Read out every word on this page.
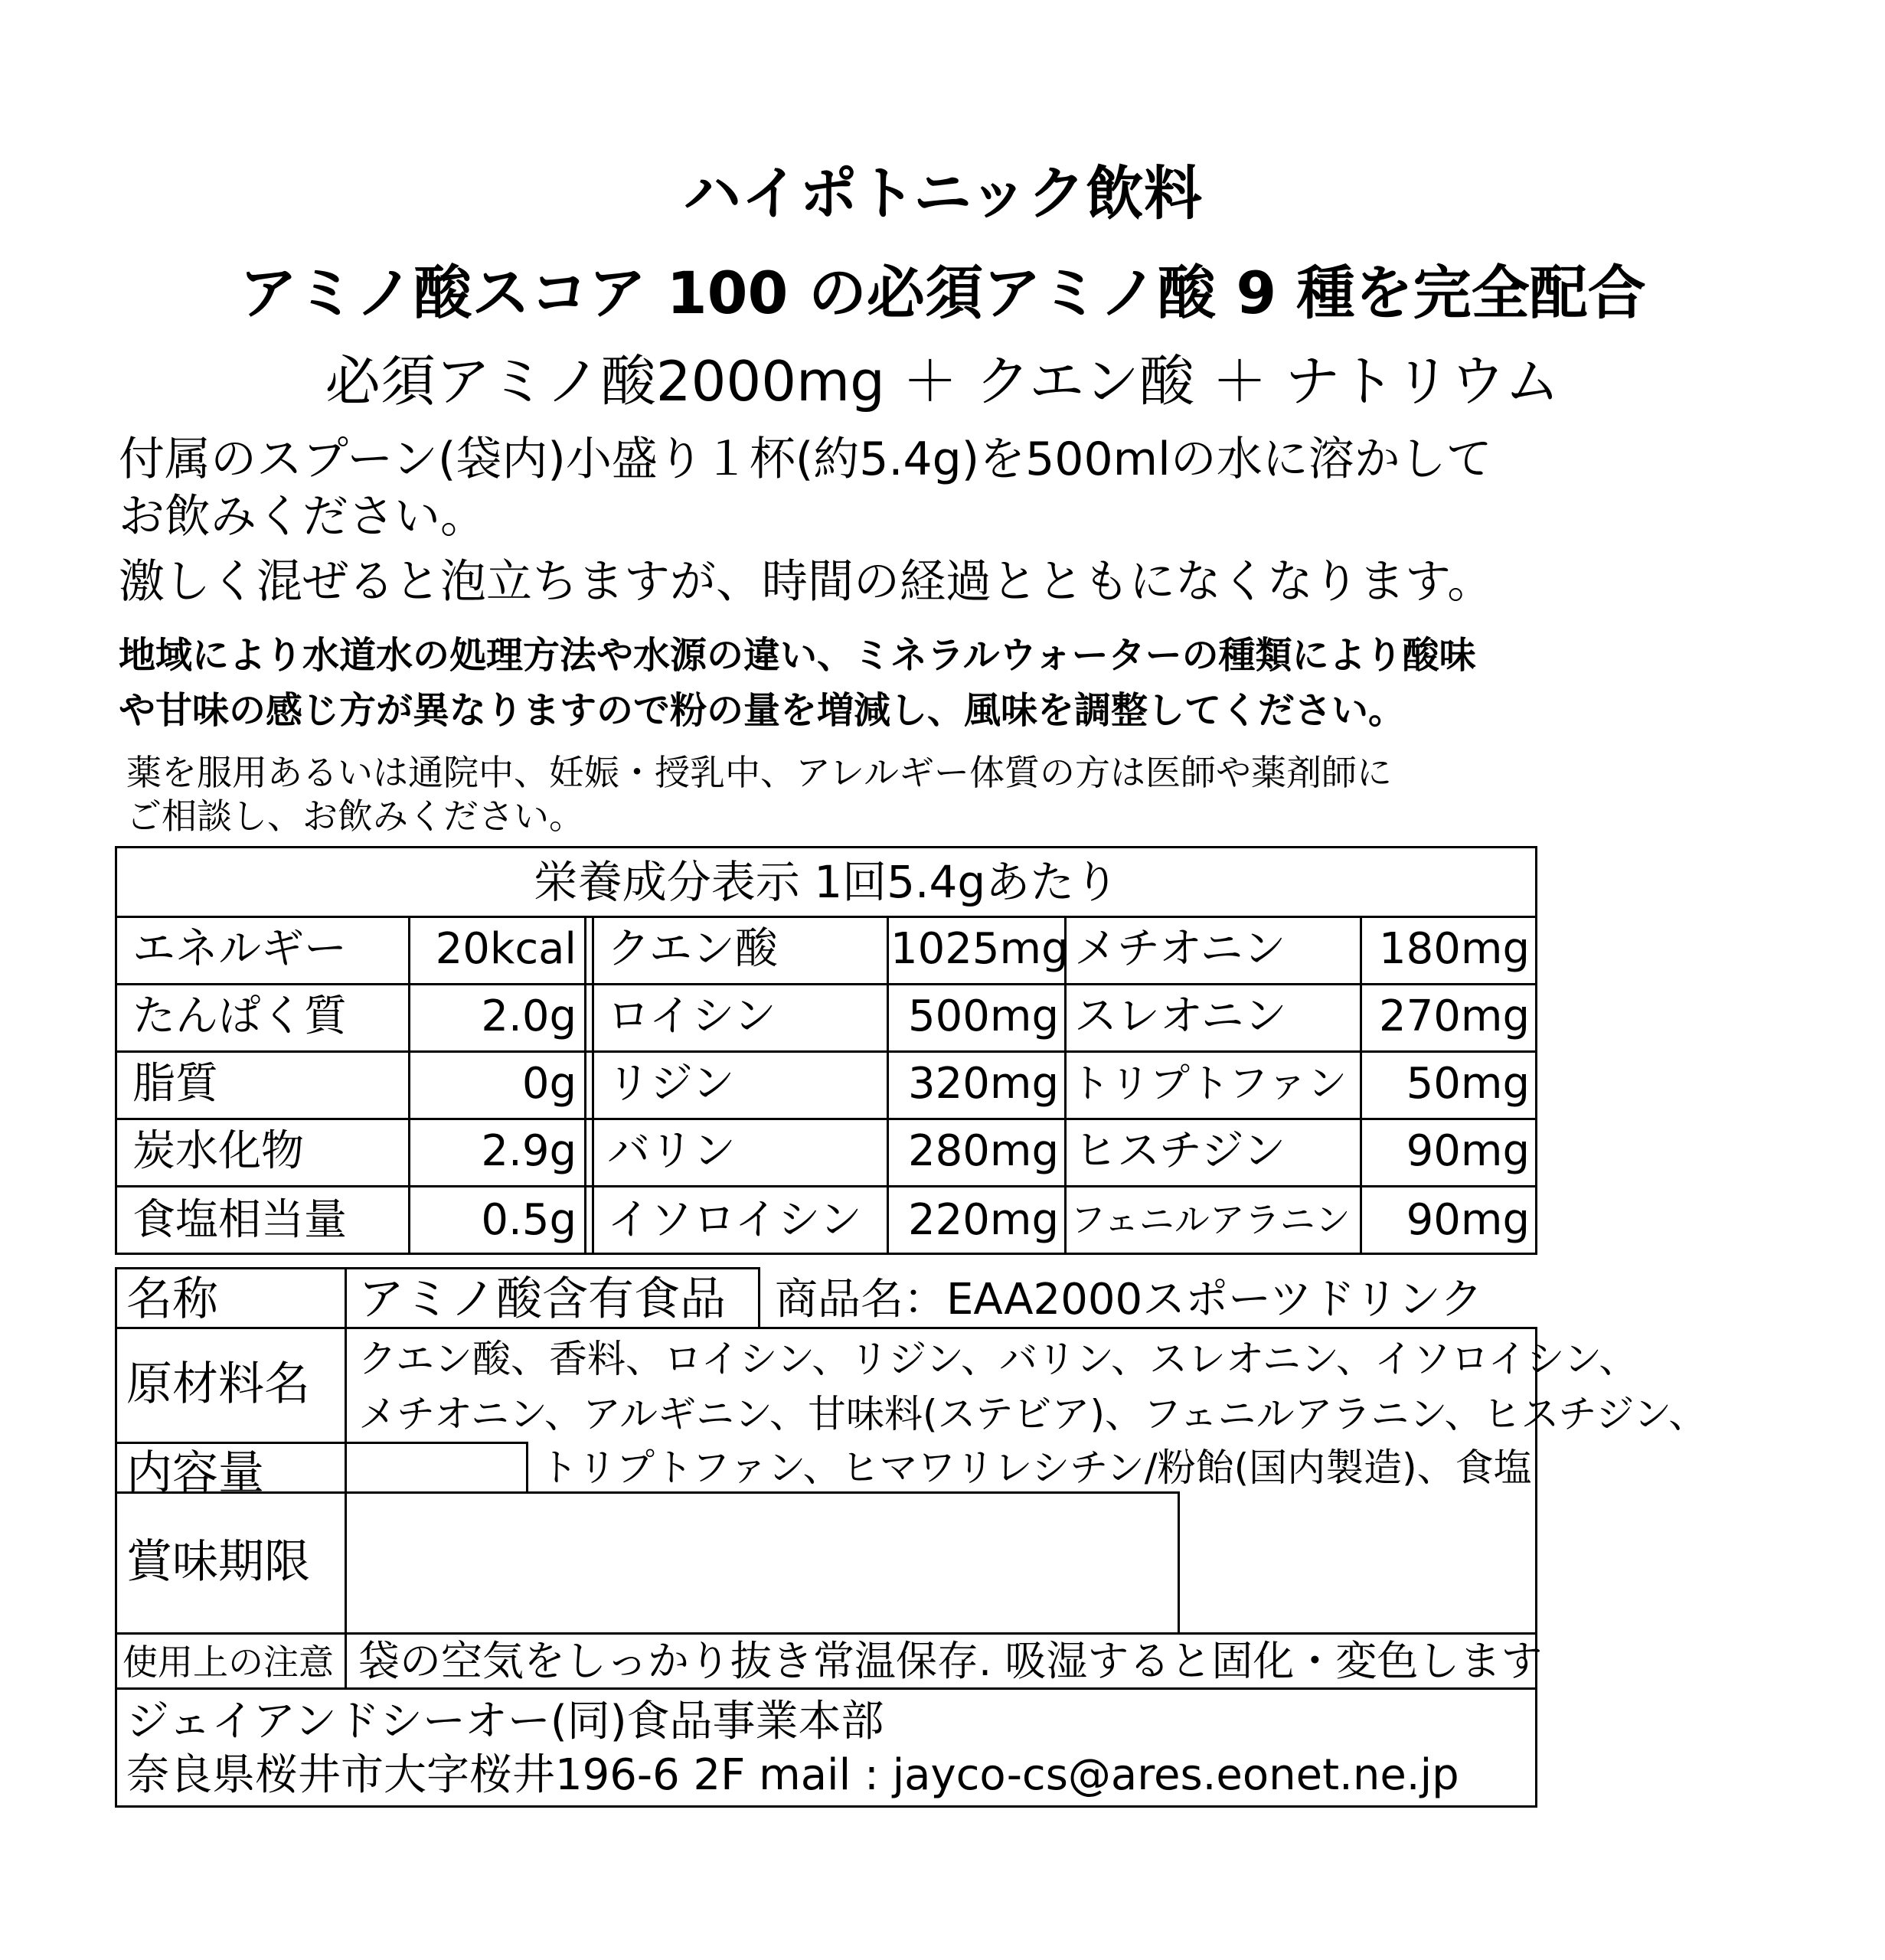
ハイポトニック飲料
アミノ酸スコア 100 の必須アミノ酸 9 種を完全配合
必須アミノ酸2000mg ＋ クエン酸 ＋ ナトリウム
付属のスプーン(袋内)小盛り１杯(約5.4g)を500mlの水に溶かして
お飲みください。
激しく混ぜると泡立ちますが、時間の経過とともになくなります。
地域により水道水の処理方法や水源の違い、ミネラルウォーターの種類により酸味
や甘味の感じ方が異なりますので粉の量を増減し、風味を調整してください。
薬を服用あるいは通院中、妊娠・授乳中、アレルギー体質の方は医師や薬剤師に
ご相談し、お飲みください。
栄養成分表示 1回5.4gあたり
エネルギー	20kcal クエン酸	1025mg メチオニン	180mg
たんぱく質	2.0g ロイシン	500mg スレオニン	270mg
脂質	0g リジン	320mg トリプトファン	50mg
炭水化物	2.9g バリン	280mg ヒスチジン	90mg
食塩相当量	0.5g イソロイシン	220mg フェニルアラニン	90mg
名称	アミノ酸含有食品 商品名：EAA2000スポーツドリンク
原材料名 クエン酸、香料、ロイシン、リジン、バリン、スレオニン、イソロイシン、
メチオニン、アルギニン、甘味料(ステビア)、フェニルアラニン、ヒスチジン、
トリプトファン、ヒマワリレシチン/粉飴(国内製造)、食塩
内容量
賞味期限
使用上の注意 袋の空気をしっかり抜き常温保存. 吸湿すると固化・変色します
ジェイアンドシーオー(同)食品事業本部
奈良県桜井市大字桜井196-6 2F mail : jayco-cs@ares.eonet.ne.jp
